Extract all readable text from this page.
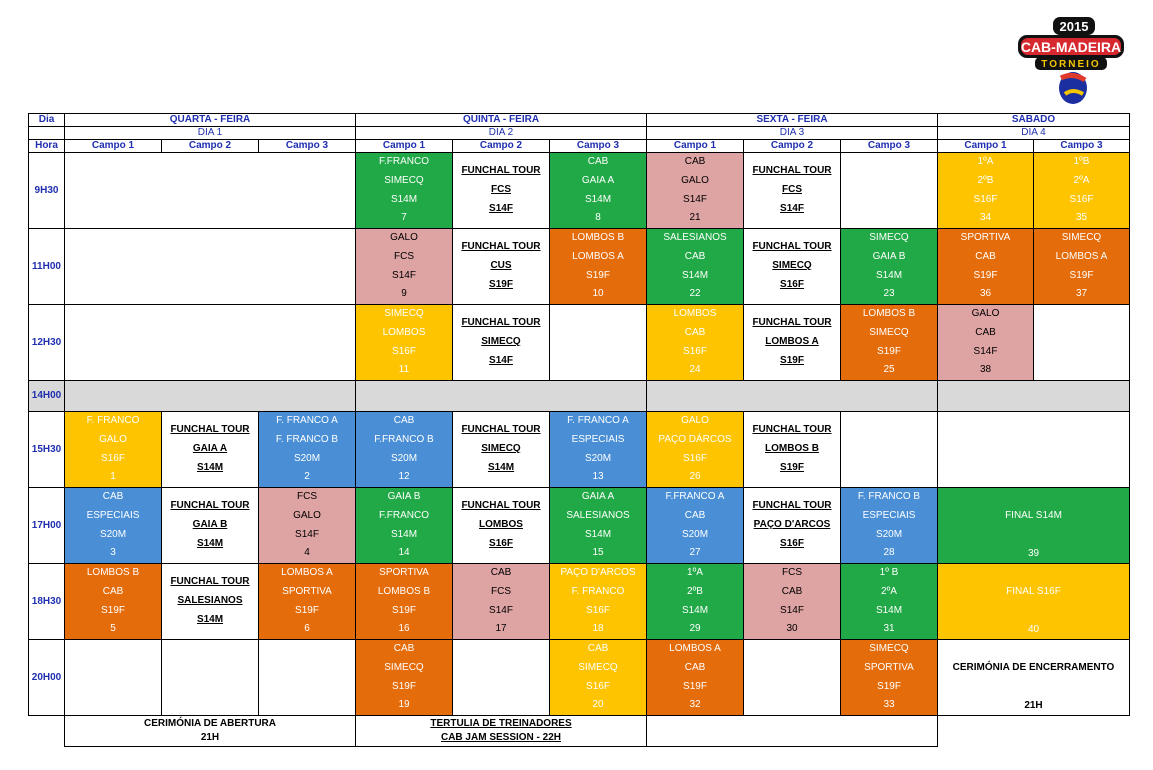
2015
CAB-MADEIRA
TORNEIO
Dia	QUARTA - FEIRA			QUINTA - FEIRA			SEXTA - FEIRA			SÁBADO	
	DIA 1			DIA 2			DIA 3			DIA 4	
Hora	Campo 1	Campo 2	Campo 3	Campo 1	Campo 2	Campo 3	Campo 1	Campo 2	Campo 3	Campo 1	Campo 3
9H30				F.FRANCO
SIMECQ
S14M
7	FUNCHAL TOUR
FCS
S14F	CAB
GAIA A
S14M
8	CAB
GALO
S14F
21	FUNCHAL TOUR
FCS
S14F		1ºA
2ºB
S16F
34	1ºB
2ºA
S16F
35

11H00				GALO
FCS
S14F
9	FUNCHAL TOUR
CUS
S19F	LOMBOS B
LOMBOS A
S19F
10	SALESIANOS
CAB
S14M
22	FUNCHAL TOUR
SIMECQ
S16F	SIMECQ
GAIA B
S14M
23	SPORTIVA
CAB
S19F
36	SIMECQ
LOMBOS A
S19F
37

12H30				SIMECQ
LOMBOS
S16F
11	FUNCHAL TOUR
SIMECQ
S14F		LOMBOS
CAB
S16F
24	FUNCHAL TOUR
LOMBOS A
S19F	LOMBOS B
SIMECQ
S19F
25	GALO
CAB
S14F
38	

14H00											
15H30	F. FRANCO
GALO
S16F
1	FUNCHAL TOUR
GAIA A
S14M	F. FRANCO A
F. FRANCO B
S20M
2	CAB
F.FRANCO B
S20M
12	FUNCHAL TOUR
SIMECQ
S14M	F. FRANCO A
ESPECIAIS
S20M
13	GALO
PAÇO DÁRCOS
S16F
26	FUNCHAL TOUR
LOMBOS B
S19F			

17H00	CAB
ESPECIAIS
S20M
3	FUNCHAL TOUR
GAIA B
S14M	FCS
GALO
S14F
4	GAIA B
F.FRANCO
S14M
14	FUNCHAL TOUR
LOMBOS
S16F	GAIA A
SALESIANOS
S14M
15	F.FRANCO A
CAB
S20M
27	FUNCHAL TOUR
PAÇO D'ARCOS
S16F	F. FRANCO B
ESPECIAIS
S20M
28	FINAL S14M
39	

18H30	LOMBOS B
CAB
S19F
5	FUNCHAL TOUR
SALESIANOS
S14M	LOMBOS A
SPORTIVA
S19F
6	SPORTIVA
LOMBOS B
S19F
16	CAB
FCS
S14F
17	PAÇO D'ARCOS
F. FRANCO
S16F
18	1ºA
2ºB
S14M
29	FCS
CAB
S14F
30	1º B
2ºA
S14M
31	FINAL S16F
40	

20H00				CAB
SIMECQ
S19F
19		CAB
SIMECQ
S16F
20	LOMBOS A
CAB
S19F
32		SIMECQ
SPORTIVA
S19F
33	CERIMÓNIA DE ENCERRAMENTO
21H	

	CERIMÓNIA DE ABERTURA
21H			TERTULIA DE TREINADORES
CAB JAM SESSION - 22H							
